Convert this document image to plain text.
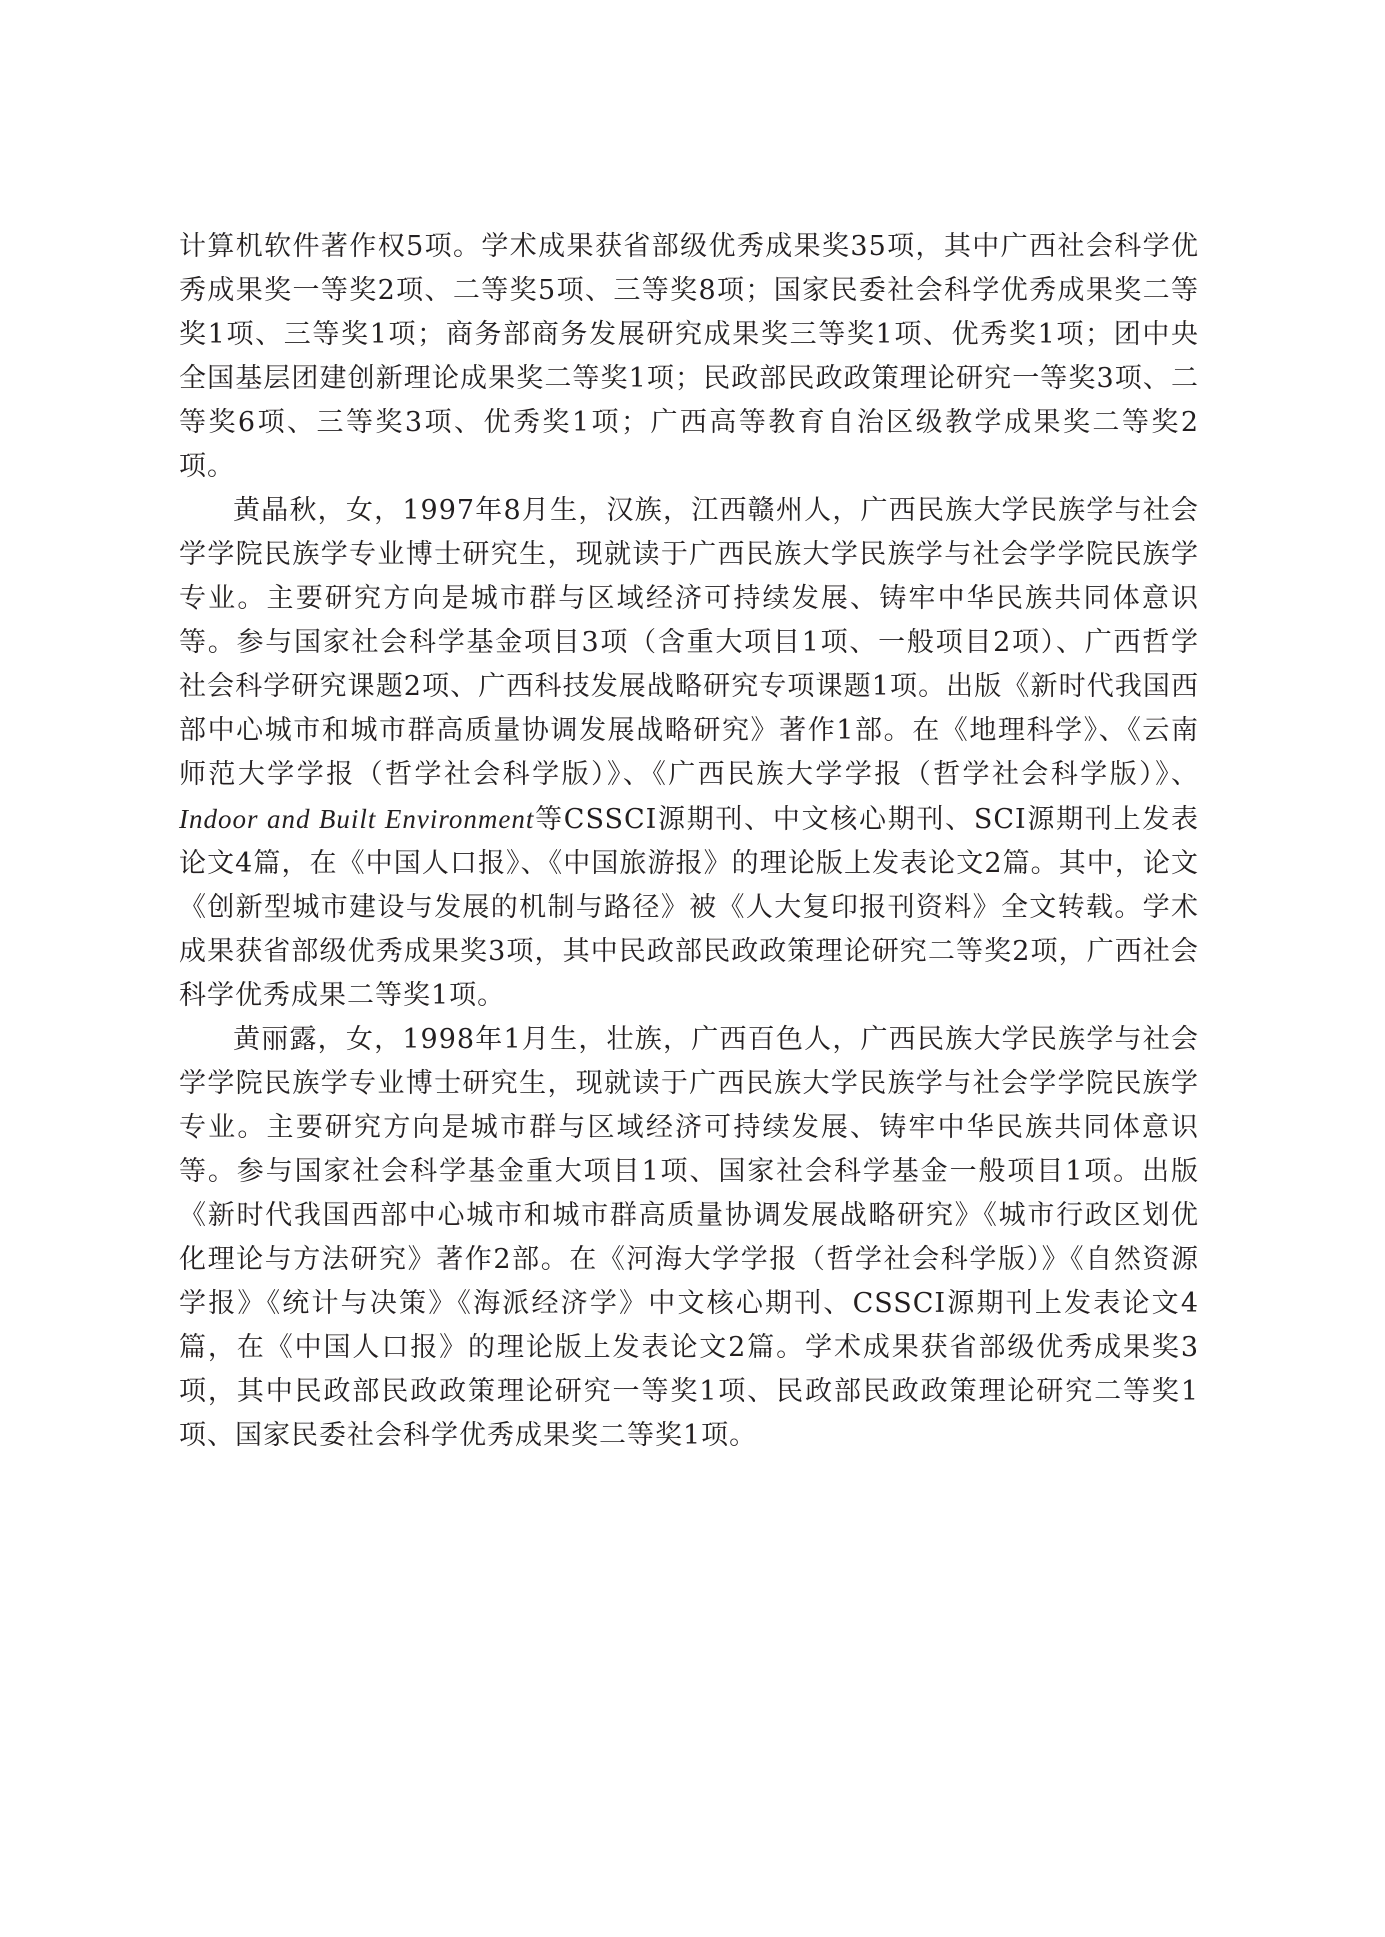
计算机软件著作权5项。学术成果获省部级优秀成果奖35项，其中广西社会科学优秀成果奖一等奖2项、二等奖5项、三等奖8项；国家民委社会科学优秀成果奖二等奖1项、三等奖1项；商务部商务发展研究成果奖三等奖1项、优秀奖1项；团中央全国基层团建创新理论成果奖二等奖1项；民政部民政政策理论研究一等奖3项、二等奖6项、三等奖3项、优秀奖1项；广西高等教育自治区级教学成果奖二等奖2项。

黄晶秋，女，1997年8月生，汉族，江西赣州人，广西民族大学民族学与社会学学院民族学专业博士研究生，现就读于广西民族大学民族学与社会学学院民族学专业。主要研究方向是城市群与区域经济可持续发展、铸牢中华民族共同体意识等。参与国家社会科学基金项目3项（含重大项目1项、一般项目2项）、广西哲学社会科学研究课题2项、广西科技发展战略研究专项课题1项。出版《新时代我国西部中心城市和城市群高质量协调发展战略研究》著作1部。在《地理科学》、《云南师范大学学报（哲学社会科学版）》、《广西民族大学学报（哲学社会科学版）》、Indoor and Built Environment等CSSCI源期刊、中文核心期刊、SCI源期刊上发表论文4篇，在《中国人口报》、《中国旅游报》的理论版上发表论文2篇。其中，论文《创新型城市建设与发展的机制与路径》被《人大复印报刊资料》全文转载。学术成果获省部级优秀成果奖3项，其中民政部民政政策理论研究二等奖2项，广西社会科学优秀成果二等奖1项。

黄丽露，女，1998年1月生，壮族，广西百色人，广西民族大学民族学与社会学学院民族学专业博士研究生，现就读于广西民族大学民族学与社会学学院民族学专业。主要研究方向是城市群与区域经济可持续发展、铸牢中华民族共同体意识等。参与国家社会科学基金重大项目1项、国家社会科学基金一般项目1项。出版《新时代我国西部中心城市和城市群高质量协调发展战略研究》《城市行政区划优化理论与方法研究》著作2部。在《河海大学学报（哲学社会科学版）》《自然资源学报》《统计与决策》《海派经济学》中文核心期刊、CSSCI源期刊上发表论文4篇，在《中国人口报》的理论版上发表论文2篇。学术成果获省部级优秀成果奖3项，其中民政部民政政策理论研究一等奖1项、民政部民政政策理论研究二等奖1项、国家民委社会科学优秀成果奖二等奖1项。
